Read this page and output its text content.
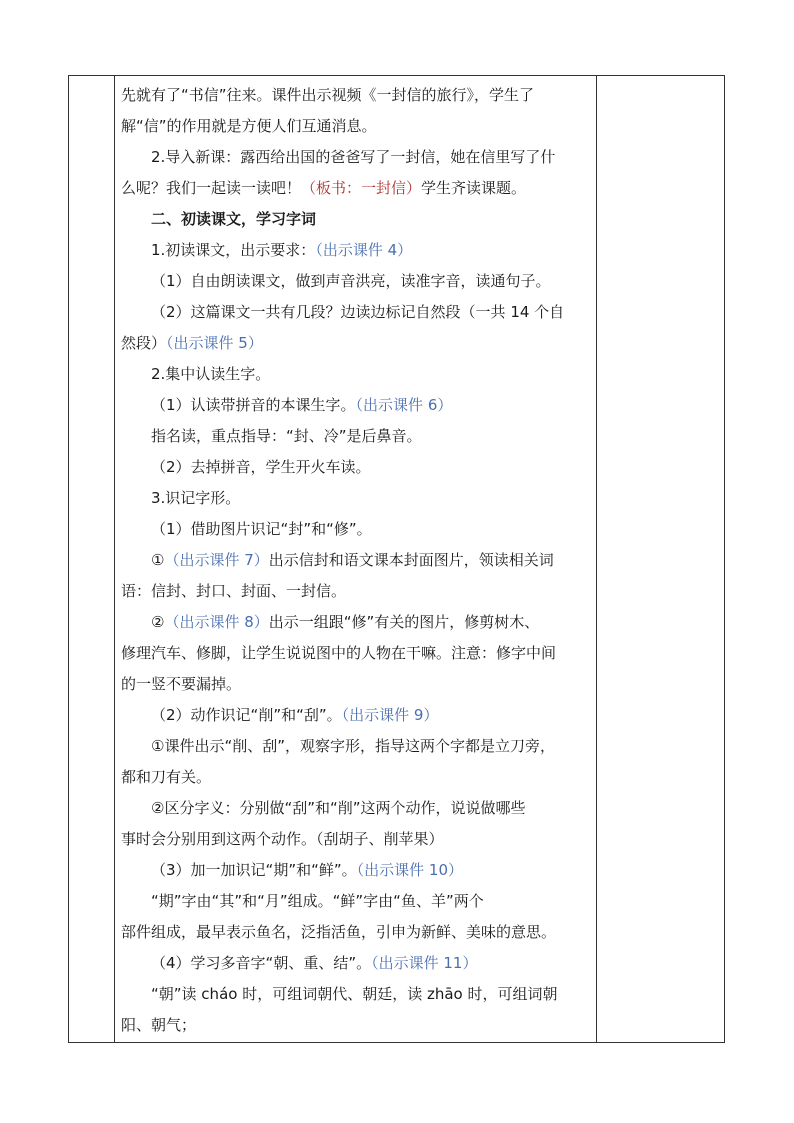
先就有了“书信”往来。课件出示视频《一封信的旅行》，学生了
解“信”的作用就是方便人们互通消息。
2.导入新课：露西给出国的爸爸写了一封信，她在信里写了什
么呢？我们一起读一读吧！（板书：一封信）学生齐读课题。
二、初读课文，学习字词
1.初读课文，出示要求：（出示课件 4）
（1）自由朗读课文，做到声音洪亮，读准字音，读通句子。
（2）这篇课文一共有几段？边读边标记自然段（一共 14 个自
然段）（出示课件 5）
2.集中认读生字。
（1）认读带拼音的本课生字。（出示课件 6）
指名读，重点指导：“封、冷”是后鼻音。
（2）去掉拼音，学生开火车读。
3.识记字形。
（1）借助图片识记“封”和“修”。
①（出示课件 7）出示信封和语文课本封面图片，领读相关词
语：信封、封口、封面、一封信。
②（出示课件 8）出示一组跟“修”有关的图片，修剪树木、
修理汽车、修脚，让学生说说图中的人物在干嘛。注意：修字中间
的一竖不要漏掉。
（2）动作识记“削”和“刮”。（出示课件 9）
①课件出示“削、刮”，观察字形，指导这两个字都是立刀旁，
都和刀有关。
②区分字义：分别做“刮”和“削”这两个动作，说说做哪些
事时会分别用到这两个动作。（刮胡子、削苹果）
（3）加一加识记“期”和“鲜”。（出示课件 10）
“期”字由“其”和“月”组成。“鲜”字由“鱼、羊”两个
部件组成，最早表示鱼名，泛指活鱼，引申为新鲜、美味的意思。
（4）学习多音字“朝、重、结”。（出示课件 11）
“朝”读 cháo 时，可组词朝代、朝廷，读 zhāo 时，可组词朝
阳、朝气；
